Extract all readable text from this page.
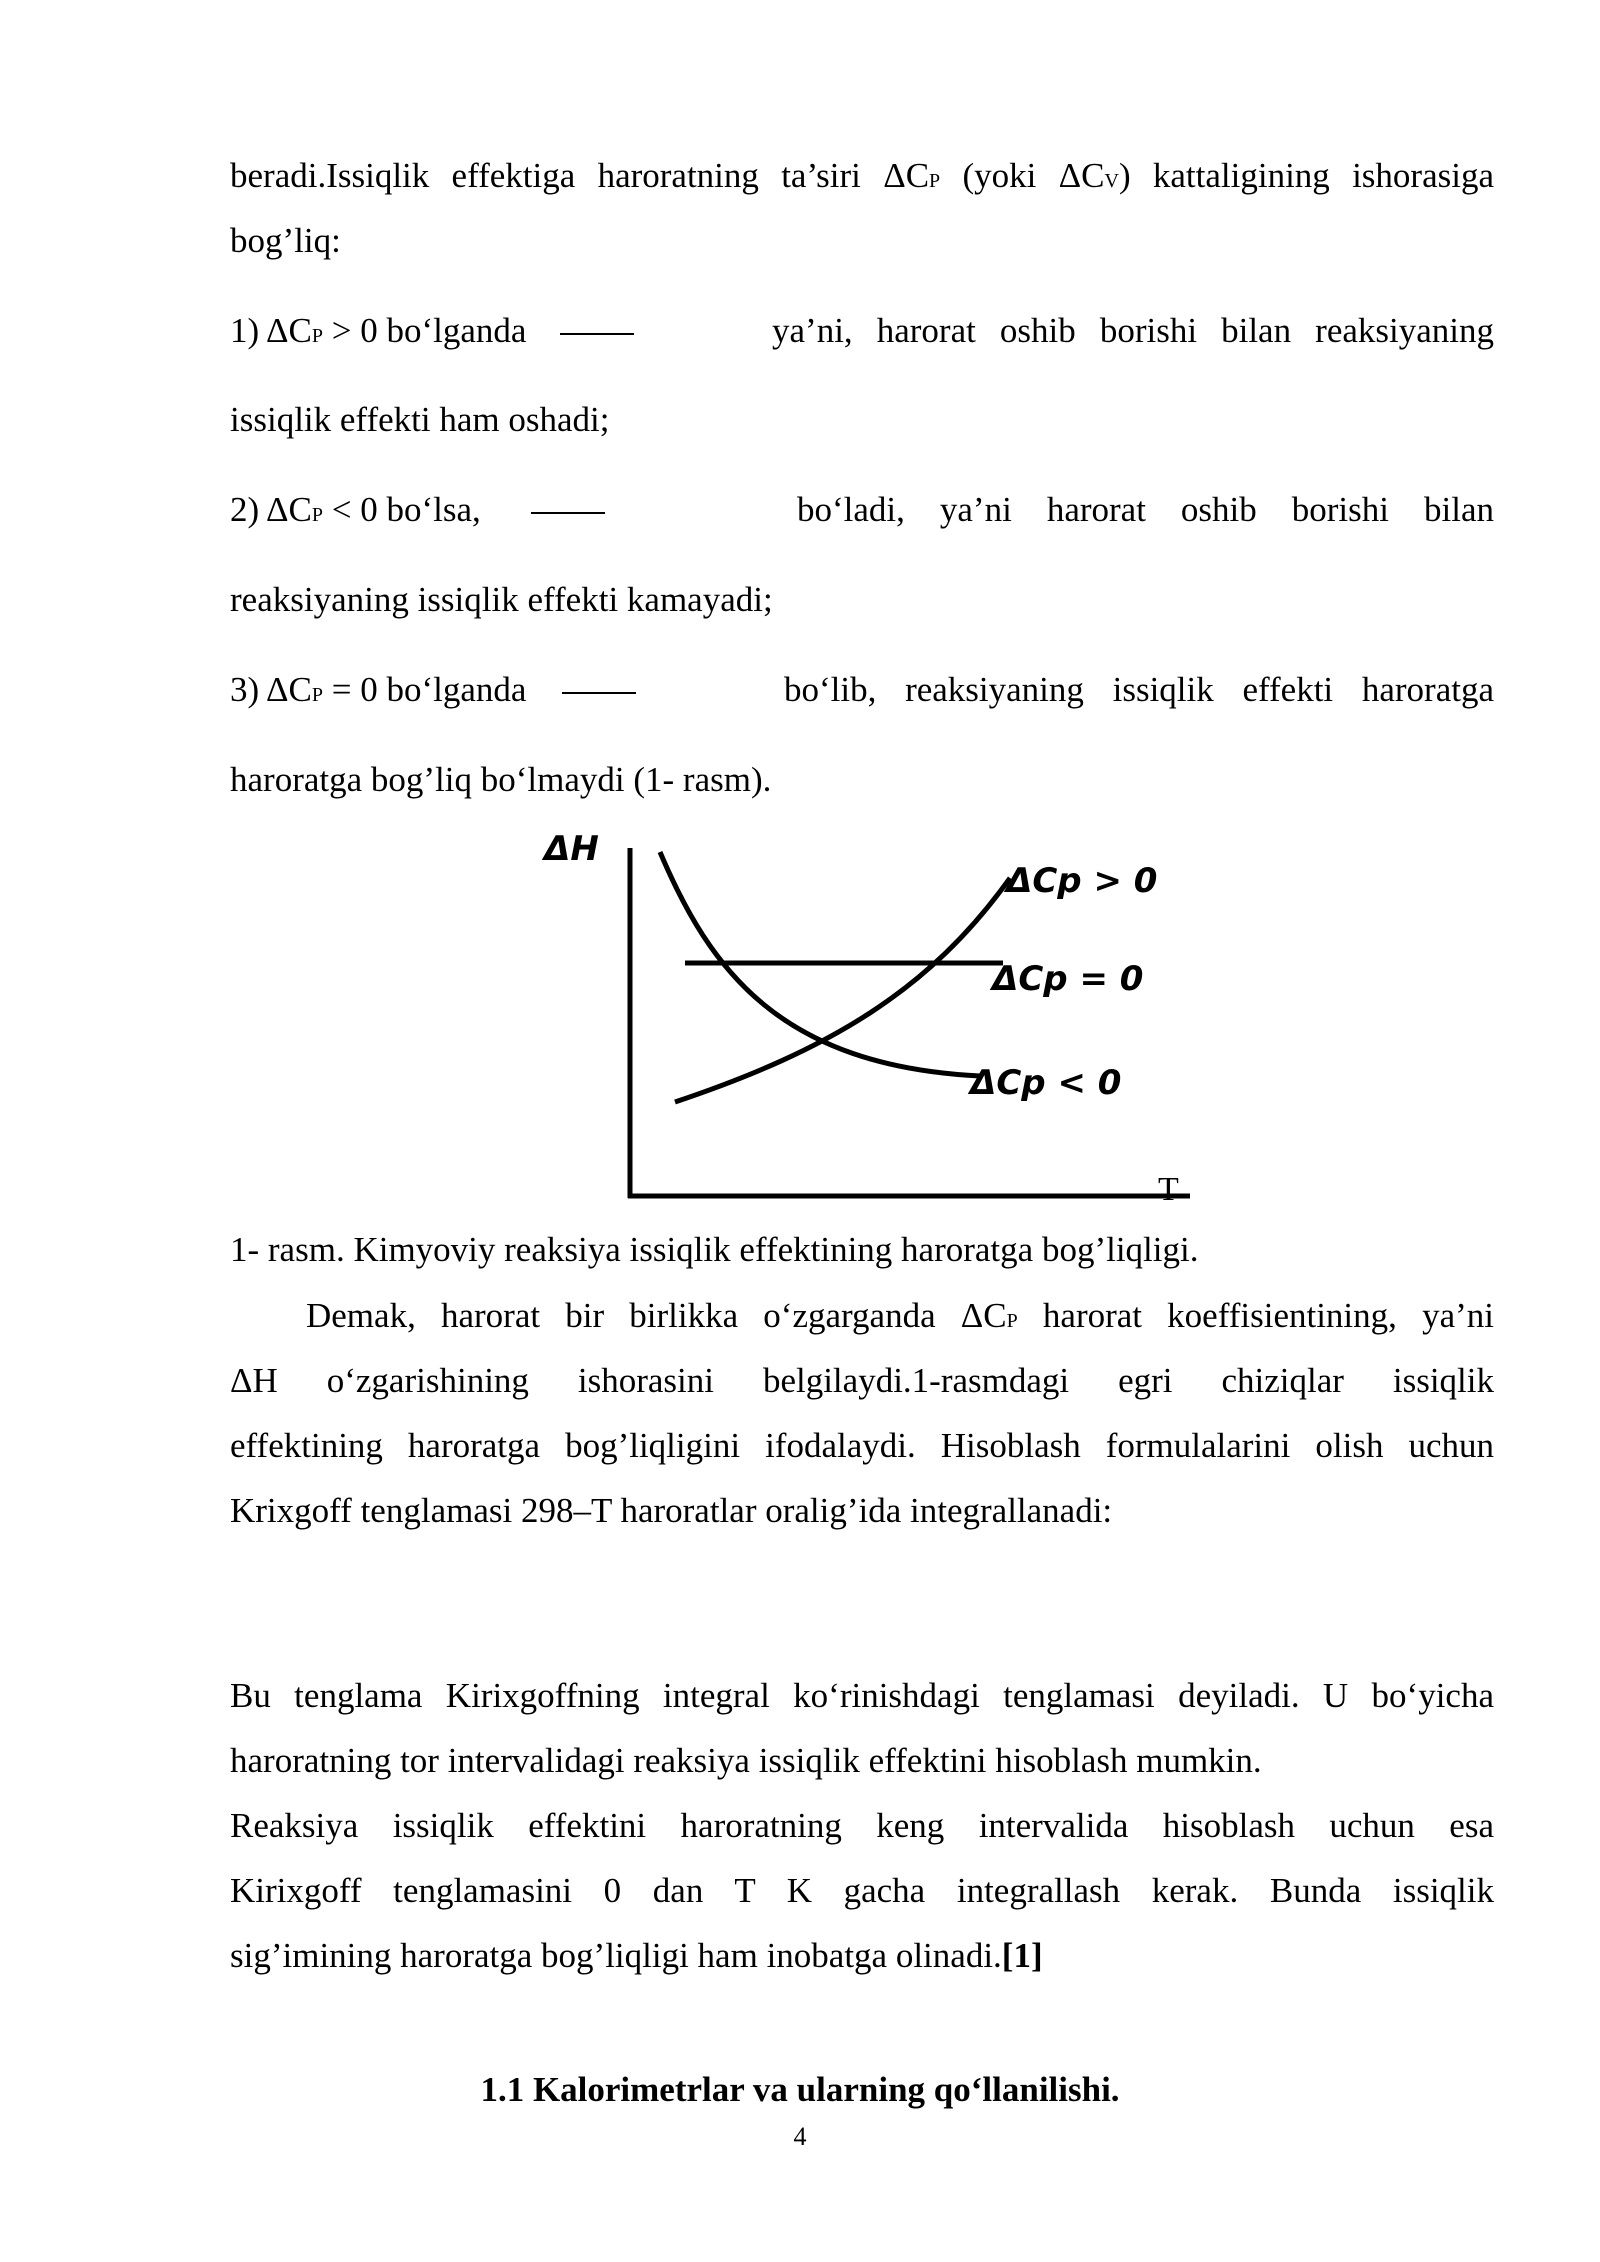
beradi.Issiqlik effektiga haroratning ta’siri ΔCP (yoki ΔCV) kattaligining ishorasiga
bog’liq:
1) ΔCP > 0 bo‘lganda	ya’ni, harorat oshib borishi bilan reaksiyaning
issiqlik effekti ham oshadi;
2) ΔCP < 0 bo‘lsa,	bo‘ladi, ya’ni harorat oshib borishi bilan
reaksiyaning issiqlik effekti kamayadi;
3) ΔCP = 0 bo‘lganda	bo‘lib, reaksiyaning issiqlik effekti haroratga
haroratga bog’liq bo‘lmaydi (1- rasm).
ΔH
T
ΔCp > 0
ΔCp = 0
ΔCp < 0
1- rasm. Kimyoviy reaksiya issiqlik effektining haroratga bog’liqligi.
Demak, harorat bir birlikka o‘zgarganda ΔCP harorat koeffisientining, ya’ni
ΔH o‘zgarishining ishorasini belgilaydi.1-rasmdagi egri chiziqlar issiqlik
effektining haroratga bog’liqligini ifodalaydi. Hisoblash formulalarini olish uchun
Krixgoff tenglamasi 298–T haroratlar oralig’ida integrallanadi:
Bu tenglama Kirixgoffning integral ko‘rinishdagi tenglamasi deyiladi. U bo‘yicha
haroratning tor intervalidagi reaksiya issiqlik effektini hisoblash mumkin.
Reaksiya issiqlik effektini haroratning keng intervalida hisoblash uchun esa
Kirixgoff tenglamasini 0 dan T K gacha integrallash kerak. Bunda issiqlik
sig’imining haroratga bog’liqligi ham inobatga olinadi.[1]
1.1 Kalorimetrlar va ularning qo‘llanilishi.
4
